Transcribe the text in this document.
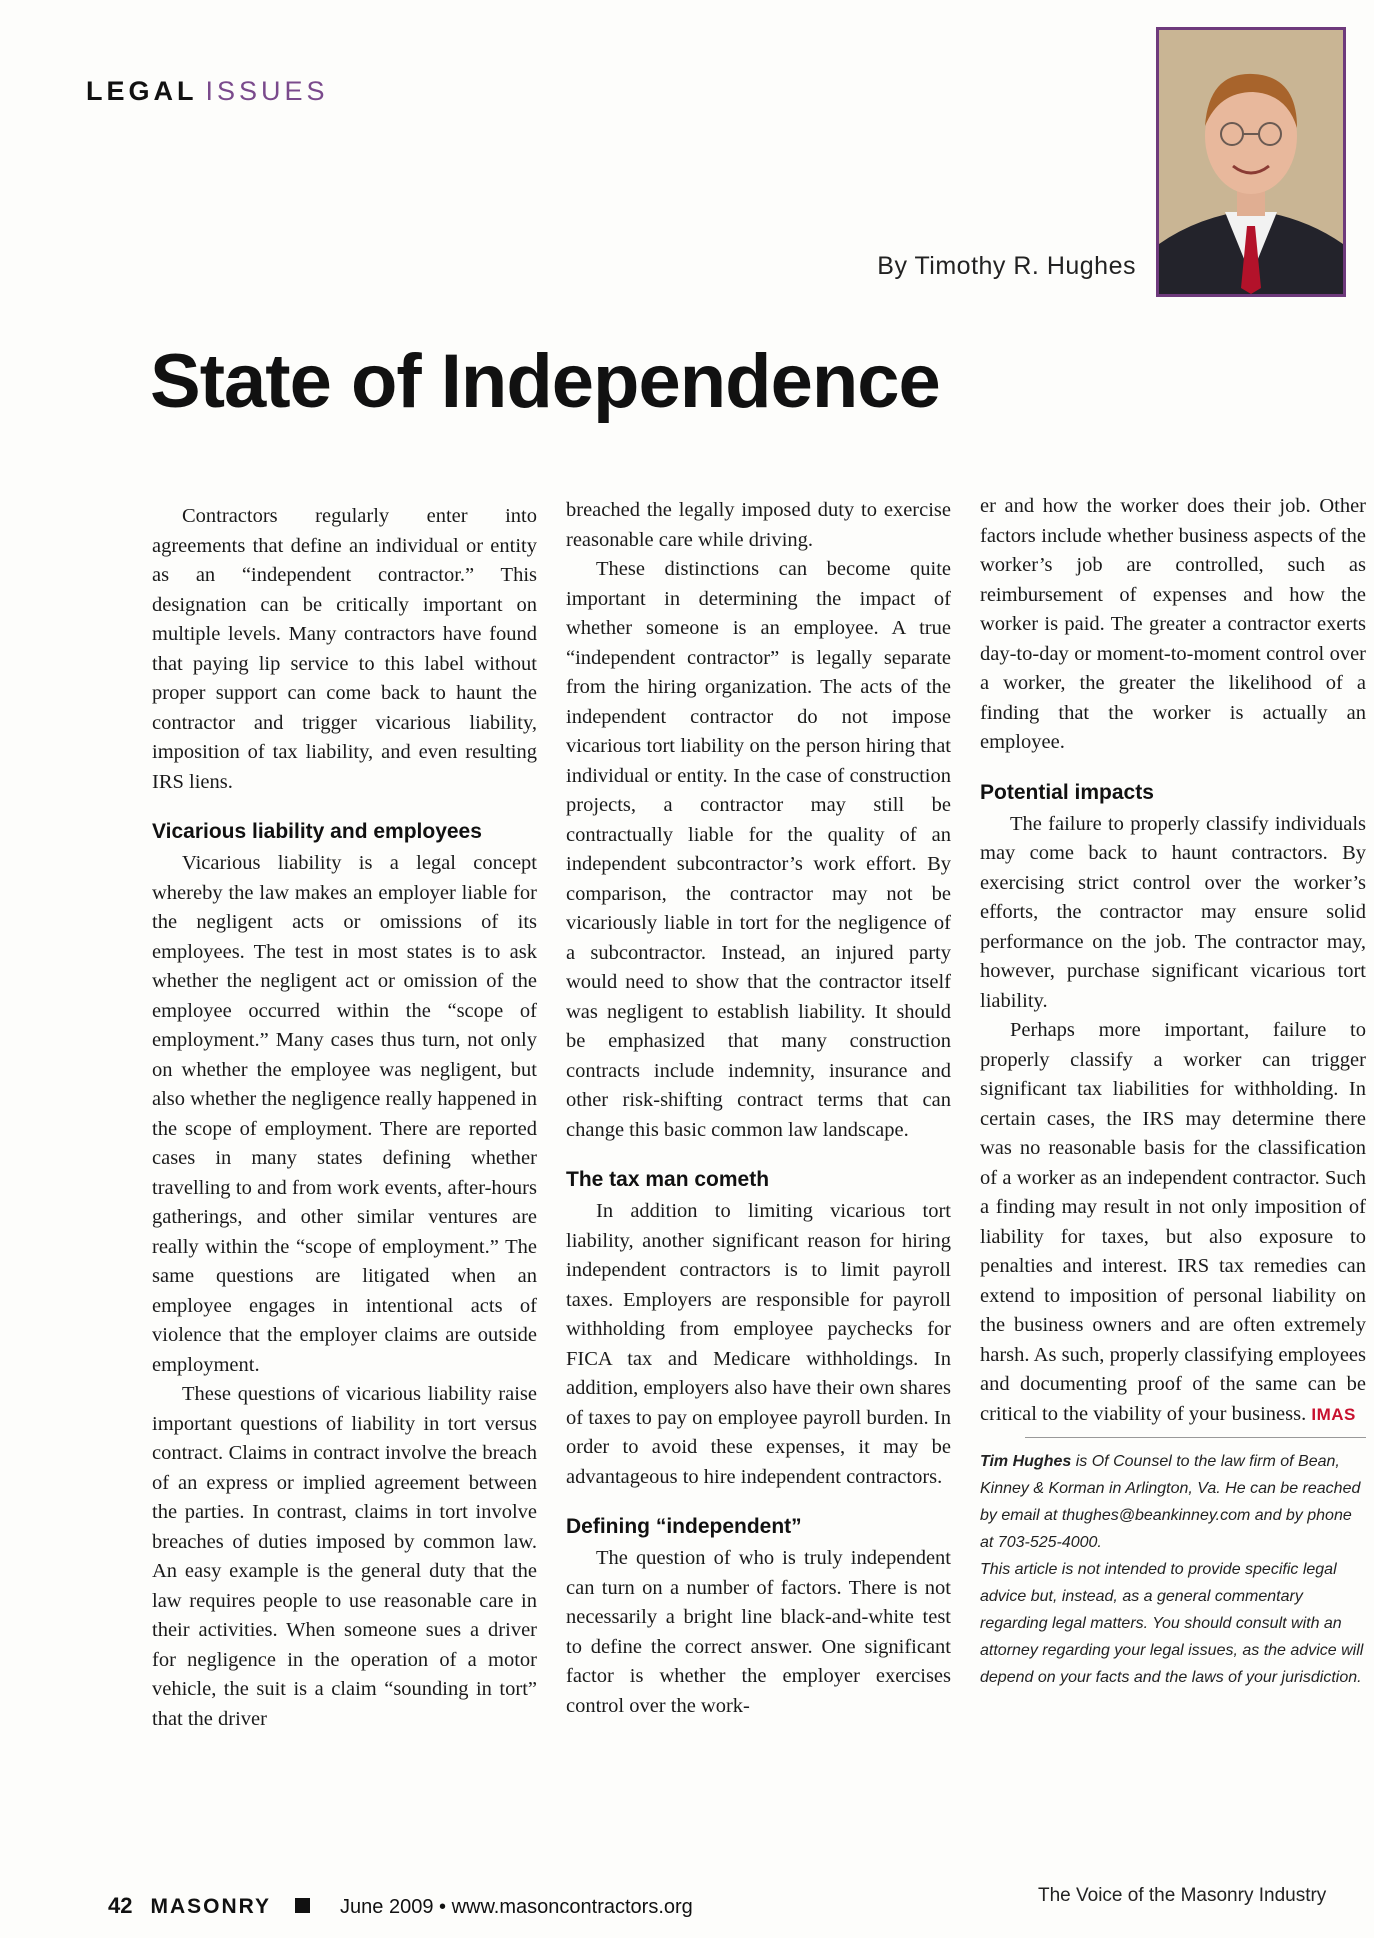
LEGAL ISSUES
By Timothy R. Hughes
State of Independence

Contractors regularly enter into agreements that define an individual or entity as an “independent contractor.” This designation can be critically important on multiple levels. Many contractors have found that paying lip service to this label without proper support can come back to haunt the contractor and trigger vicarious liability, imposition of tax liability, and even resulting IRS liens.

Vicarious liability and employees

Vicarious liability is a legal concept whereby the law makes an employer liable for the negligent acts or omissions of its employees. The test in most states is to ask whether the negligent act or omission of the employee occurred within the “scope of employment.” Many cases thus turn, not only on whether the employee was negligent, but also whether the negligence really happened in the scope of employment. There are reported cases in many states defining whether travelling to and from work events, after-hours gatherings, and other similar ventures are really within the “scope of employment.” The same questions are litigated when an employee engages in intentional acts of violence that the employer claims are outside employment.

These questions of vicarious liability raise important questions of liability in tort versus contract. Claims in contract involve the breach of an express or implied agreement between the parties. In contrast, claims in tort involve breaches of duties imposed by common law. An easy example is the general duty that the law requires people to use reasonable care in their activities. When someone sues a driver for negligence in the operation of a motor vehicle, the suit is a claim “sounding in tort” that the driver

breached the legally imposed duty to exercise reasonable care while driving.

These distinctions can become quite important in determining the impact of whether someone is an employee. A true “independent contractor” is legally separate from the hiring organization. The acts of the independent contractor do not impose vicarious tort liability on the person hiring that individual or entity. In the case of construction projects, a contractor may still be contractually liable for the quality of an independent subcontractor’s work effort. By comparison, the contractor may not be vicariously liable in tort for the negligence of a subcontractor. Instead, an injured party would need to show that the contractor itself was negligent to establish liability. It should be emphasized that many construction contracts include indemnity, insurance and other risk-shifting contract terms that can change this basic common law landscape.

The tax man cometh

In addition to limiting vicarious tort liability, another significant reason for hiring independent contractors is to limit payroll taxes. Employers are responsible for payroll withholding from employee paychecks for FICA tax and Medicare withholdings. In addition, employers also have their own shares of taxes to pay on employee payroll burden. In order to avoid these expenses, it may be advantageous to hire independent contractors.

Defining “independent”

The question of who is truly independent can turn on a number of factors. There is not necessarily a bright line black-and-white test to define the correct answer. One significant factor is whether the employer exercises control over the work-

er and how the worker does their job. Other factors include whether business aspects of the worker’s job are controlled, such as reimbursement of expenses and how the worker is paid. The greater a contractor exerts day-to-day or moment-to-moment control over a worker, the greater the likelihood of a finding that the worker is actually an employee.

Potential impacts

The failure to properly classify individuals may come back to haunt contractors. By exercising strict control over the worker’s efforts, the contractor may ensure solid performance on the job. The contractor may, however, purchase significant vicarious tort liability.

Perhaps more important, failure to properly classify a worker can trigger significant tax liabilities for withholding. In certain cases, the IRS may determine there was no reasonable basis for the classification of a worker as an independent contractor. Such a finding may result in not only imposition of liability for taxes, but also exposure to penalties and interest. IRS tax remedies can extend to imposition of personal liability on the business owners and are often extremely harsh. As such, properly classifying employees and documenting proof of the same can be critical to the viability of your business. IMAS

Tim Hughes is Of Counsel to the law firm of Bean, Kinney & Korman in Arlington, Va. He can be reached by email at thughes@beankinney.com and by phone at 703-525-4000.

This article is not intended to provide specific legal advice but, instead, as a general commentary regarding legal matters. You should consult with an attorney regarding your legal issues, as the advice will depend on your facts and the laws of your jurisdiction.

42 MASONRY	June 2009 • www.masoncontractors.org
The Voice of the Masonry Industry
